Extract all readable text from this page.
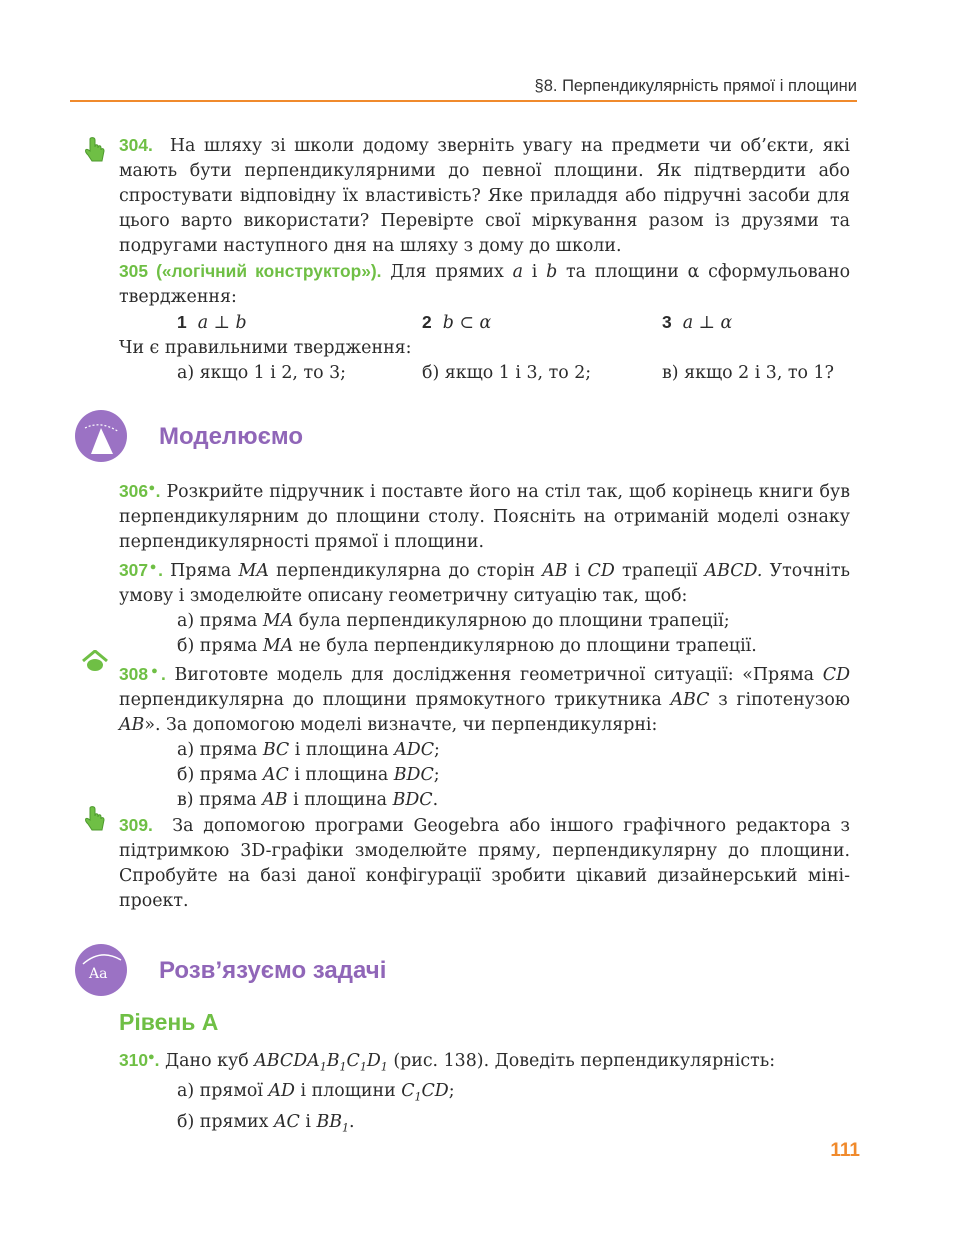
§8. Перпендикулярність прямої і площини
304. На шляху зі школи додому зверніть увагу на предмети чи об’єкти, які мають бути перпендикулярними до певної площини. Як підтвердити або спростувати відповідну їх властивість? Яке приладдя або підручні засоби для цього варто використати? Перевірте свої міркування разом із друзями та подругами наступного дня на шляху з дому до школи.
305 («логічний конструктор»). Для прямих a і b та площини α сформульовано твердження:
1 a ⊥ b	2 b ⊂ α	3 a ⊥ α
Чи є правильними твердження:
а) якщо 1 і 2, то 3;	б) якщо 1 і 3, то 2;	в) якщо 2 і 3, то 1?
Моделюємо
306●. Розкрийте підручник і поставте його на стіл так, щоб корінець книги був перпендикулярним до площини столу. Поясніть на отриманій моделі ознаку перпендикулярності прямої і площини.
307●. Пряма MA перпендикулярна до сторін AB і CD трапеції ABCD. Уточніть умову і змоделюйте описану геометричну ситуацію так, щоб:
а) пряма MA була перпендикулярною до площини трапеції;
б) пряма MA не була перпендикулярною до площини трапеції.
308●. Виготовте модель для дослідження геометричної ситуації: «Пряма CD перпендикулярна до площини прямокутного трикутника ABC з гіпотенузою AB». За допомогою моделі визначте, чи перпендикулярні:
а) пряма BC і площина ADC;
б) пряма AC і площина BDC;
в) пряма AB і площина BDC.
309. За допомогою програми Geogebra або іншого графічного редактора з підтримкою 3D-графіки змоделюйте пряму, перпендикулярну до площини. Спробуйте на базі даної конфігурації зробити цікавий дизайнерський міні-проект.
Aa Розв’язуємо задачі
Рівень А
310●. Дано куб $ABCDA_1B_1C_1D_1$ (рис. 138). Доведіть перпендикулярність:
а) прямої AD і площини $C_1CD$;
б) прямих AC і $BB_1$.
111
